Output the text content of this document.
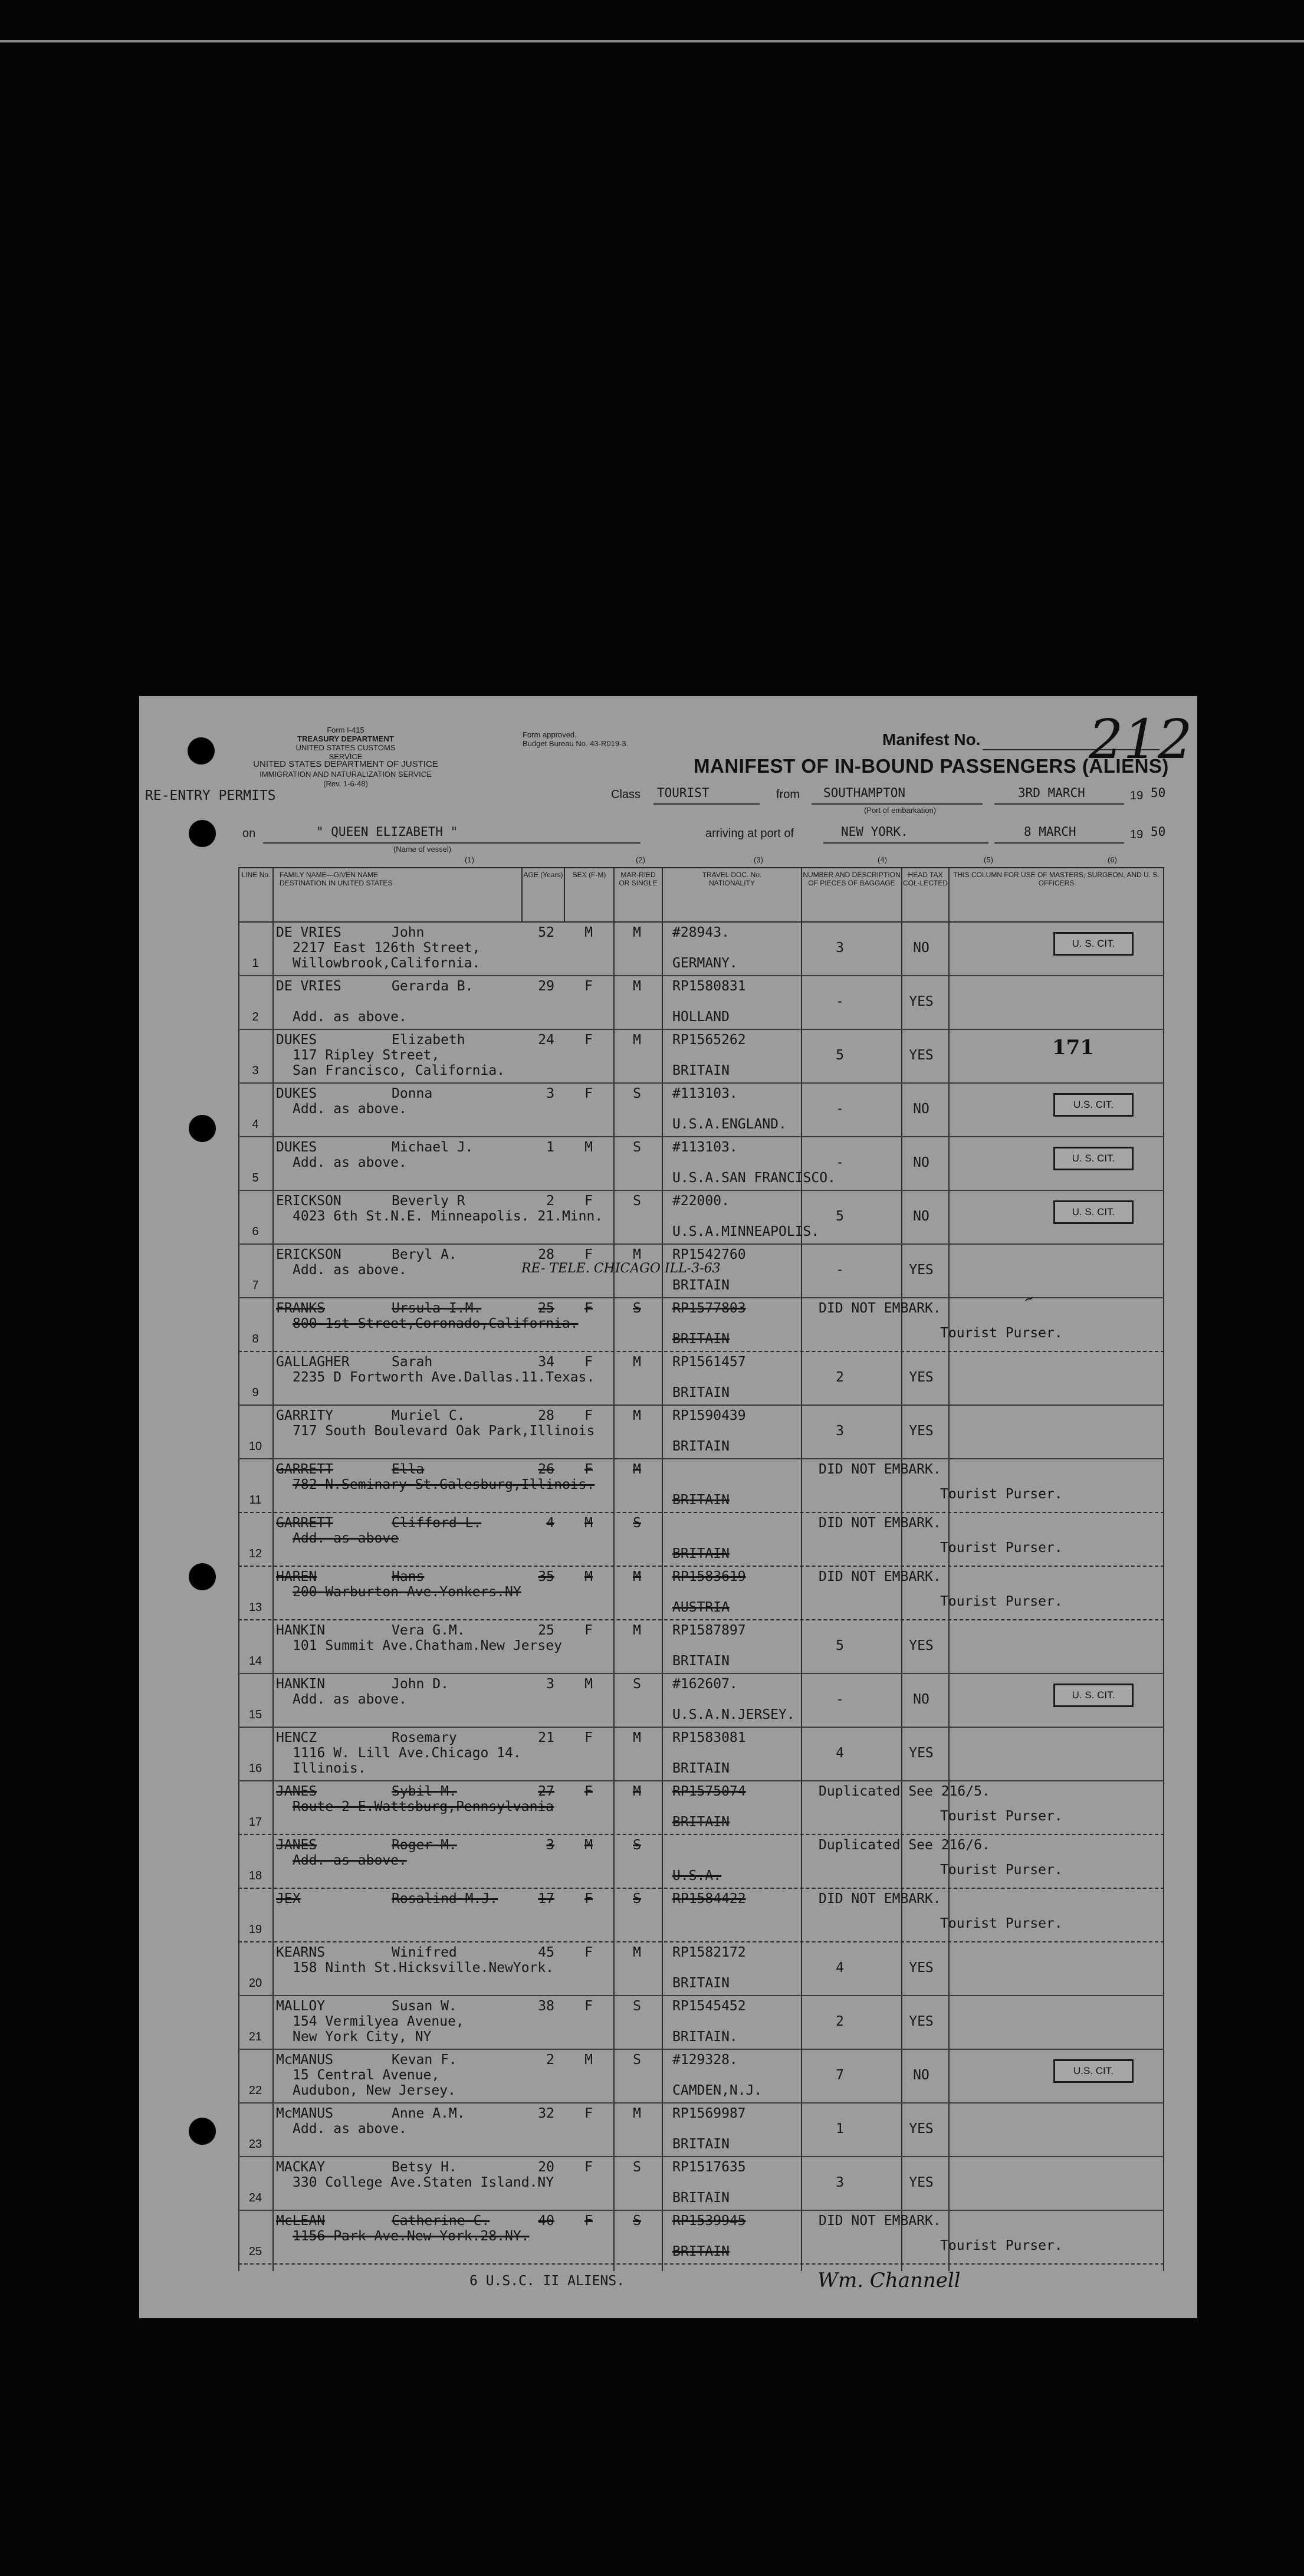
Form I-415
TREASURY DEPARTMENT
UNITED STATES CUSTOMS SERVICE
UNITED STATES DEPARTMENT OF JUSTICE
IMMIGRATION AND NATURALIZATION SERVICE
(Rev. 1-6-48)
Form approved.
Budget Bureau No. 43-R019-3.	Manifest No. 212
MANIFEST OF IN-BOUND PASSENGERS (ALIENS)
RE-ENTRY PERMITS	Class TOURIST	from SOUTHAMPTON
(Port of embarkation)
3RD MARCH	19 50
on	" QUEEN ELIZABETH "
(Name of vessel)
arriving at port of	NEW YORK.	8 MARCH	19 50
(1)	(2)	(3)	(4)	(5)	(6)
LINE No.	FAMILY NAME—GIVEN NAME
DESTINATION IN UNITED STATES
AGE (Years)	SEX (F-M)	MAR-RIED OR SINGLE
TRAVEL DOC. No.
NATIONALITY
NUMBER AND DESCRIPTION OF PIECES OF BAGGAGE
HEAD TAX COL-LECTED
THIS COLUMN FOR USE OF MASTERS, SURGEON, AND U. S. OFFICERS
1
DE VRIES	John
2217 East 126th Street,
Willowbrook,California.
52	M	M	#28943.
GERMANY.
3	NO	U. S. CIT.
2
DE VRIES	Gerarda B.
Add. as above.
29	F	M	RP1580831
HOLLAND
-	YES
3
DUKES	Elizabeth
117 Ripley Street,
San Francisco, California.
24	F	M	RP1565262
BRITAIN
5	YES	171
4
DUKES	Donna
Add. as above.
3	F	S	#113103.
U.S.A.ENGLAND.
-	NO	U.S. CIT.
5
DUKES	Michael J.
Add. as above.
1	M	S	#113103.
U.S.A.SAN FRANCISCO.
-	NO	U. S. CIT.
6
ERICKSON	Beverly R
4023 6th St.N.E. Minneapolis. 21.Minn.
2	F	S	#22000.
U.S.A.MINNEAPOLIS.
5	NO	U. S. CIT.
7
ERICKSON	Beryl A.
Add. as above.
28	F	M	RP1542760
BRITAIN
-	YES
RE- TELE. CHICAGO ILL-3-63
8
FRANKS	Ursula I.M.
800 1st Street,Coronado,California.
25	F	S	RP1577803
BRITAIN
DID NOT EMBARK.
Tourist Purser.
9
GALLAGHER	Sarah
2235 D Fortworth Ave.Dallas.11.Texas.
34	F	M	RP1561457
BRITAIN
2	YES
10
GARRITY	Muriel C.
717 South Boulevard Oak Park,Illinois
28	F	M	RP1590439
BRITAIN
3	YES
11
GARRETT	Ella
782 N.Seminary St.Galesburg,Illinois.
26	F	M
BRITAIN
DID NOT EMBARK.
Tourist Purser.
12
GARRETT	Clifford L.
Add. as above
4	M	S
BRITAIN
DID NOT EMBARK.
Tourist Purser.
13
HAREN	Hans
200 Warburton Ave.Yonkers.NY
35	M	M	RP1583619
AUSTRIA
DID NOT EMBARK.
Tourist Purser.
14
HANKIN	Vera G.M.
101 Summit Ave.Chatham.New Jersey
25	F	M	RP1587897
BRITAIN
5	YES
15
HANKIN	John D.
Add. as above.
3	M	S	#162607.
U.S.A.N.JERSEY.
-	NO	U. S. CIT.
16
HENCZ	Rosemary
1116 W. Lill Ave.Chicago 14.
Illinois.
21	F	M	RP1583081
BRITAIN
4	YES
17
JANES	Sybil M.
Route 2 E.Wattsburg,Pennsylvania
27	F	M	RP1575074
BRITAIN
Duplicated See 216/5.
Tourist Purser.
18
JANES	Roger M.
Add. as above.
3	M	S
U.S.A.
Duplicated See 216/6.
Tourist Purser.
19
JEX	Rosalind M.J.	17	F	S	RP1584422	DID NOT EMBARK.
Tourist Purser.
20
KEARNS	Winifred
158 Ninth St.Hicksville.NewYork.
45	F	M	RP1582172
BRITAIN
4	YES
21
MALLOY	Susan W.
154 Vermilyea Avenue,
New York City, NY
38	F	S	RP1545452
BRITAIN.
2	YES
22
McMANUS	Kevan F.
15 Central Avenue,
Audubon, New Jersey.
2	M	S	#129328.
CAMDEN,N.J.
7	NO	U.S. CIT.
23
McMANUS	Anne A.M.
Add. as above.
32	F	M	RP1569987
BRITAIN
1	YES
24
MACKAY	Betsy H.
330 College Ave.Staten Island.NY
20	F	S	RP1517635
BRITAIN
3	YES
25
McLEAN	Catherine C.
1156 Park Ave.New York.28.NY.
40	F	S	RP1539945
BRITAIN
DID NOT EMBARK.
Tourist Purser.
~
6 U.S.C. II ALIENS.	Wm. Channell
